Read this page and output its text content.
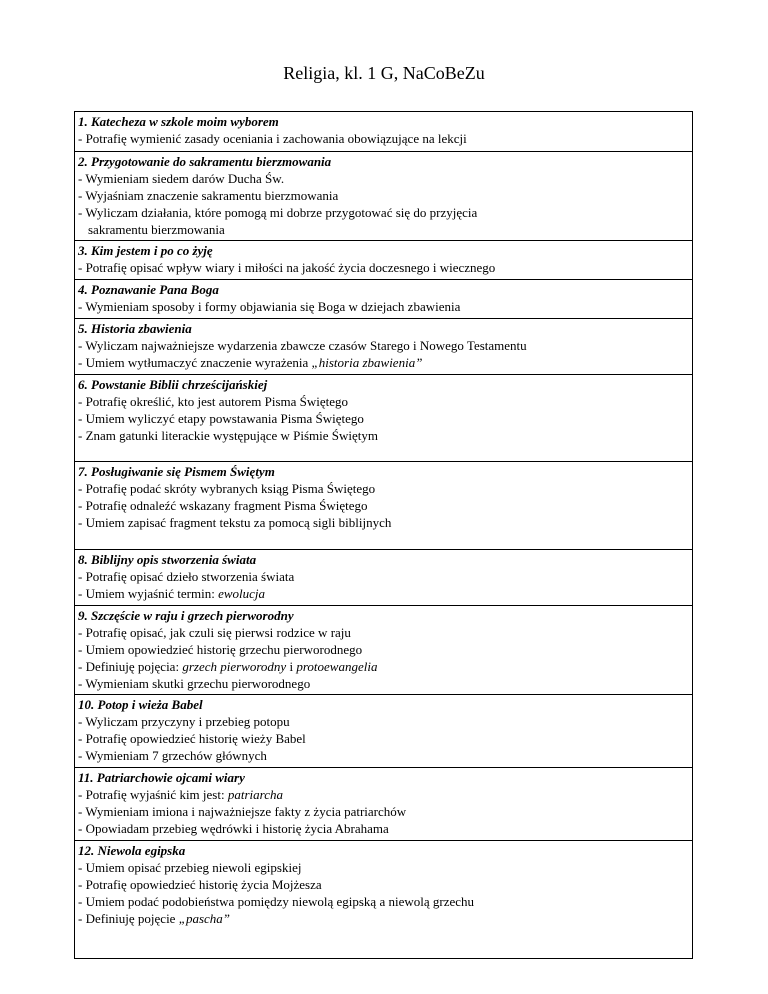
Religia, kl. 1 G, NaCoBeZu
1. Katecheza w szkole moim wyborem
- Potrafię wymienić zasady oceniania i zachowania obowiązujące na lekcji

2. Przygotowanie do sakramentu bierzmowania
- Wymieniam siedem darów Ducha Św.
- Wyjaśniam znaczenie sakramentu bierzmowania
- Wyliczam działania, które pomogą mi dobrze przygotować się do przyjęcia
sakramentu bierzmowania

3. Kim jestem i po co żyję
- Potrafię opisać wpływ wiary i miłości na jakość życia doczesnego i wiecznego

4. Poznawanie Pana Boga
- Wymieniam sposoby i formy objawiania się Boga w dziejach zbawienia

5. Historia zbawienia
- Wyliczam najważniejsze wydarzenia zbawcze czasów Starego i Nowego Testamentu
- Umiem wytłumaczyć znaczenie wyrażenia „historia zbawienia”

6. Powstanie Biblii chrześcijańskiej
- Potrafię określić, kto jest autorem Pisma Świętego
- Umiem wyliczyć etapy powstawania Pisma Świętego
- Znam gatunki literackie występujące w Piśmie Świętym

7. Posługiwanie się Pismem Świętym
- Potrafię podać skróty wybranych ksiąg Pisma Świętego
- Potrafię odnaleźć wskazany fragment Pisma Świętego
- Umiem zapisać fragment tekstu za pomocą sigli biblijnych

8. Biblijny opis stworzenia świata
- Potrafię opisać dzieło stworzenia świata
- Umiem wyjaśnić termin: ewolucja

9. Szczęście w raju i grzech pierworodny
- Potrafię opisać, jak czuli się pierwsi rodzice w raju
- Umiem opowiedzieć historię grzechu pierworodnego
- Definiuję pojęcia: grzech pierworodny i protoewangelia
- Wymieniam skutki grzechu pierworodnego

10. Potop i wieża Babel
- Wyliczam przyczyny i przebieg potopu
- Potrafię opowiedzieć historię wieży Babel
- Wymieniam 7 grzechów głównych

11. Patriarchowie ojcami wiary
- Potrafię wyjaśnić kim jest: patriarcha
- Wymieniam imiona i najważniejsze fakty z życia patriarchów
- Opowiadam przebieg wędrówki i historię życia Abrahama

12. Niewola egipska
- Umiem opisać przebieg niewoli egipskiej
- Potrafię opowiedzieć historię życia Mojżesza
- Umiem podać podobieństwa pomiędzy niewolą egipską a niewolą grzechu
- Definiuję pojęcie „pascha”
